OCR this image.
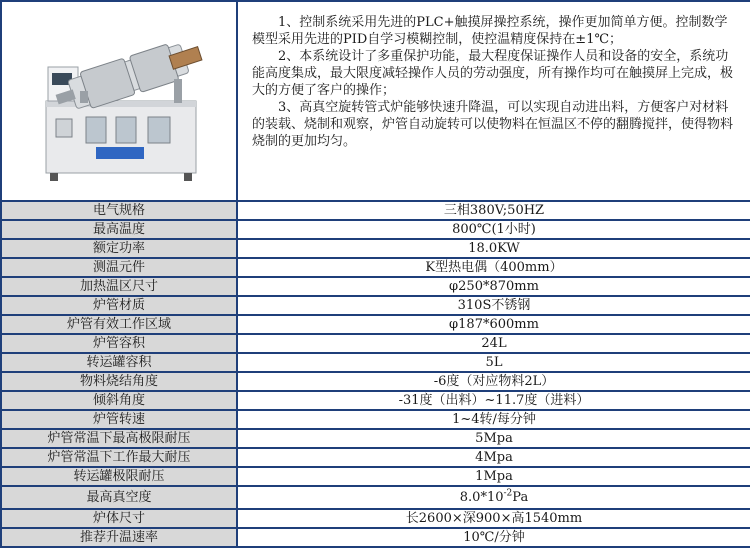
1、控制系统采用先进的PLC+触摸屏操控系统，操作更加简单方便。控制数学模型采用先进的PID自学习模糊控制，使控温精度保持在±1℃；

2、本系统设计了多重保护功能，最大程度保证操作人员和设备的安全，系统功能高度集成，最大限度减轻操作人员的劳动强度，所有操作均可在触摸屏上完成，极大的方便了客户的操作；

3、高真空旋转管式炉能够快速升降温，可以实现自动进出料，方便客户对材料的装载、烧制和观察，炉管自动旋转可以使物料在恒温区不停的翻腾搅拌，使得物料烧制的更加均匀。

电气规格	三相380V;50HZ
最高温度	800℃(1小时)
额定功率	18.0KW
测温元件	K型热电偶（400mm）
加热温区尺寸	φ250*870mm
炉管材质	310S不锈钢
炉管有效工作区域	φ187*600mm
炉管容积	24L
转运罐容积	5L
物料烧结角度	-6度（对应物料2L）
倾斜角度	-31度（出料）~11.7度（进料）
炉管转速	1~4转/每分钟
炉管常温下最高极限耐压	5Mpa
炉管常温下工作最大耐压	4Mpa
转运罐极限耐压	1Mpa
最高真空度	$8.0*10^{-2}Pa$
炉体尺寸	长2600×深900×高1540mm
推荐升温速率	10℃/分钟
